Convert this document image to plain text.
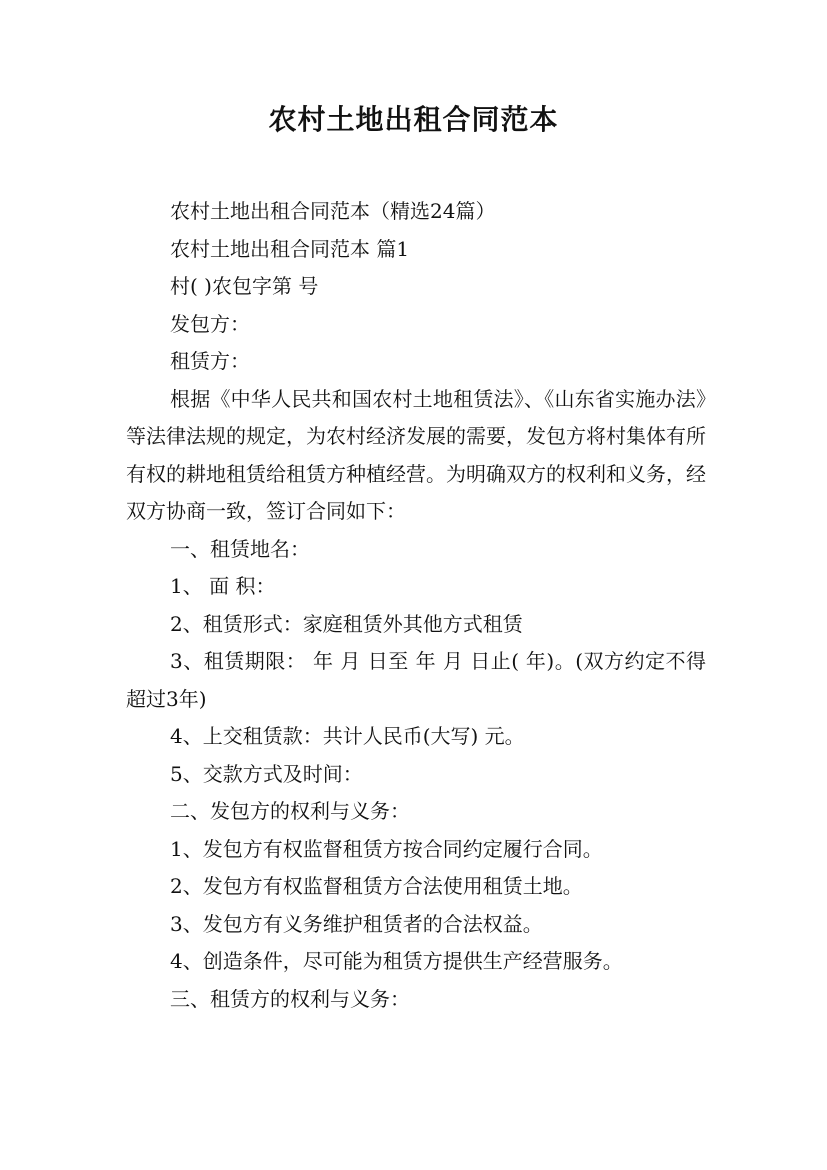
农村土地出租合同范本

农村土地出租合同范本（精选24篇）

农村土地出租合同范本 篇1

村( )农包字第 号

发包方：

租赁方：

根据《中华人民共和国农村土地租赁法》、《山东省实施办法》等法律法规的规定，为农村经济发展的需要，发包方将村集体有所有权的耕地租赁给租赁方种植经营。为明确双方的权利和义务，经双方协商一致，签订合同如下：

一、租赁地名：

1、 面 积：

2、租赁形式：家庭租赁外其他方式租赁

3、租赁期限： 年 月 日至 年 月 日止( 年)。(双方约定不得超过3年)

4、上交租赁款：共计人民币(大写) 元。

5、交款方式及时间：

二、发包方的权利与义务：

1、发包方有权监督租赁方按合同约定履行合同。

2、发包方有权监督租赁方合法使用租赁土地。

3、发包方有义务维护租赁者的合法权益。

4、创造条件，尽可能为租赁方提供生产经营服务。

三、租赁方的权利与义务：
